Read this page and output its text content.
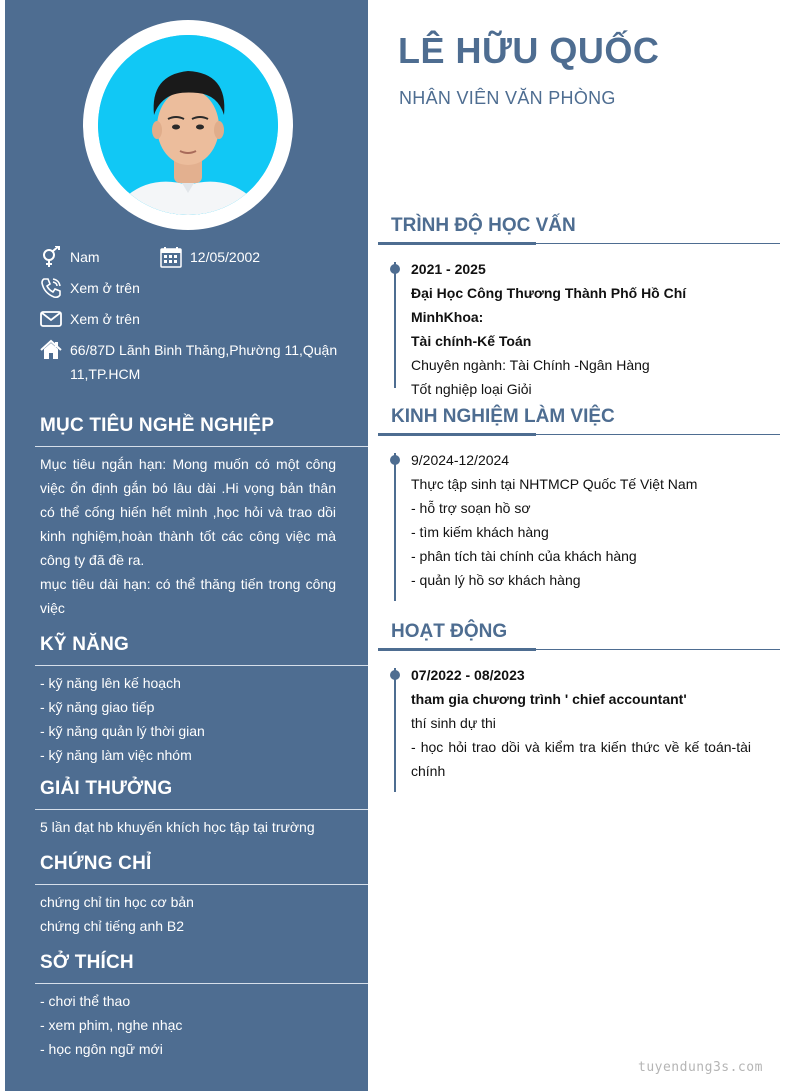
Nam	12/05/2002
Xem ở trên
Xem ở trên
66/87D Lãnh Binh Thăng,Phường 11,Quận
11,TP.HCM
MỤC TIÊU NGHỀ NGHIỆP

Mục tiêu ngắn hạn: Mong muốn có một công việc ổn định gắn bó lâu dài .Hi vọng bản thân có thể cống hiến hết mình ,học hỏi và trao dồi kinh nghiệm,hoàn thành tốt các công việc mà công ty đã đề ra.

mục tiêu dài hạn: có thể thăng tiến trong công việc

KỸ NĂNG
- kỹ năng lên kế hoạch
- kỹ năng giao tiếp
- kỹ năng quản lý thời gian
- kỹ năng làm việc nhóm
GIẢI THƯỞNG
5 lần đạt hb khuyến khích học tập tại trường
CHỨNG CHỈ
chứng chỉ tin học cơ bản
chứng chỉ tiếng anh B2
SỞ THÍCH
- chơi thể thao
- xem phim, nghe nhạc
- học ngôn ngữ mới
LÊ HỮU QUỐC
NHÂN VIÊN VĂN PHÒNG
TRÌNH ĐỘ HỌC VẤN
2021 - 2025
Đại Học Công Thương Thành Phố Hồ Chí MinhKhoa:
Tài chính-Kế Toán
Chuyên ngành: Tài Chính -Ngân Hàng
Tốt nghiệp loại Giỏi
KINH NGHIỆM LÀM VIỆC
9/2024-12/2024
Thực tập sinh tại NHTMCP Quốc Tế Việt Nam
- hỗ trợ soạn hồ sơ
- tìm kiếm khách hàng
- phân tích tài chính của khách hàng
- quản lý hồ sơ khách hàng
HOẠT ĐỘNG
07/2022 - 08/2023
tham gia chương trình ' chief accountant'
thí sinh dự thi
- học hỏi trao dồi và kiểm tra kiến thức về kế toán-tài chính
tuyendung3s.com
